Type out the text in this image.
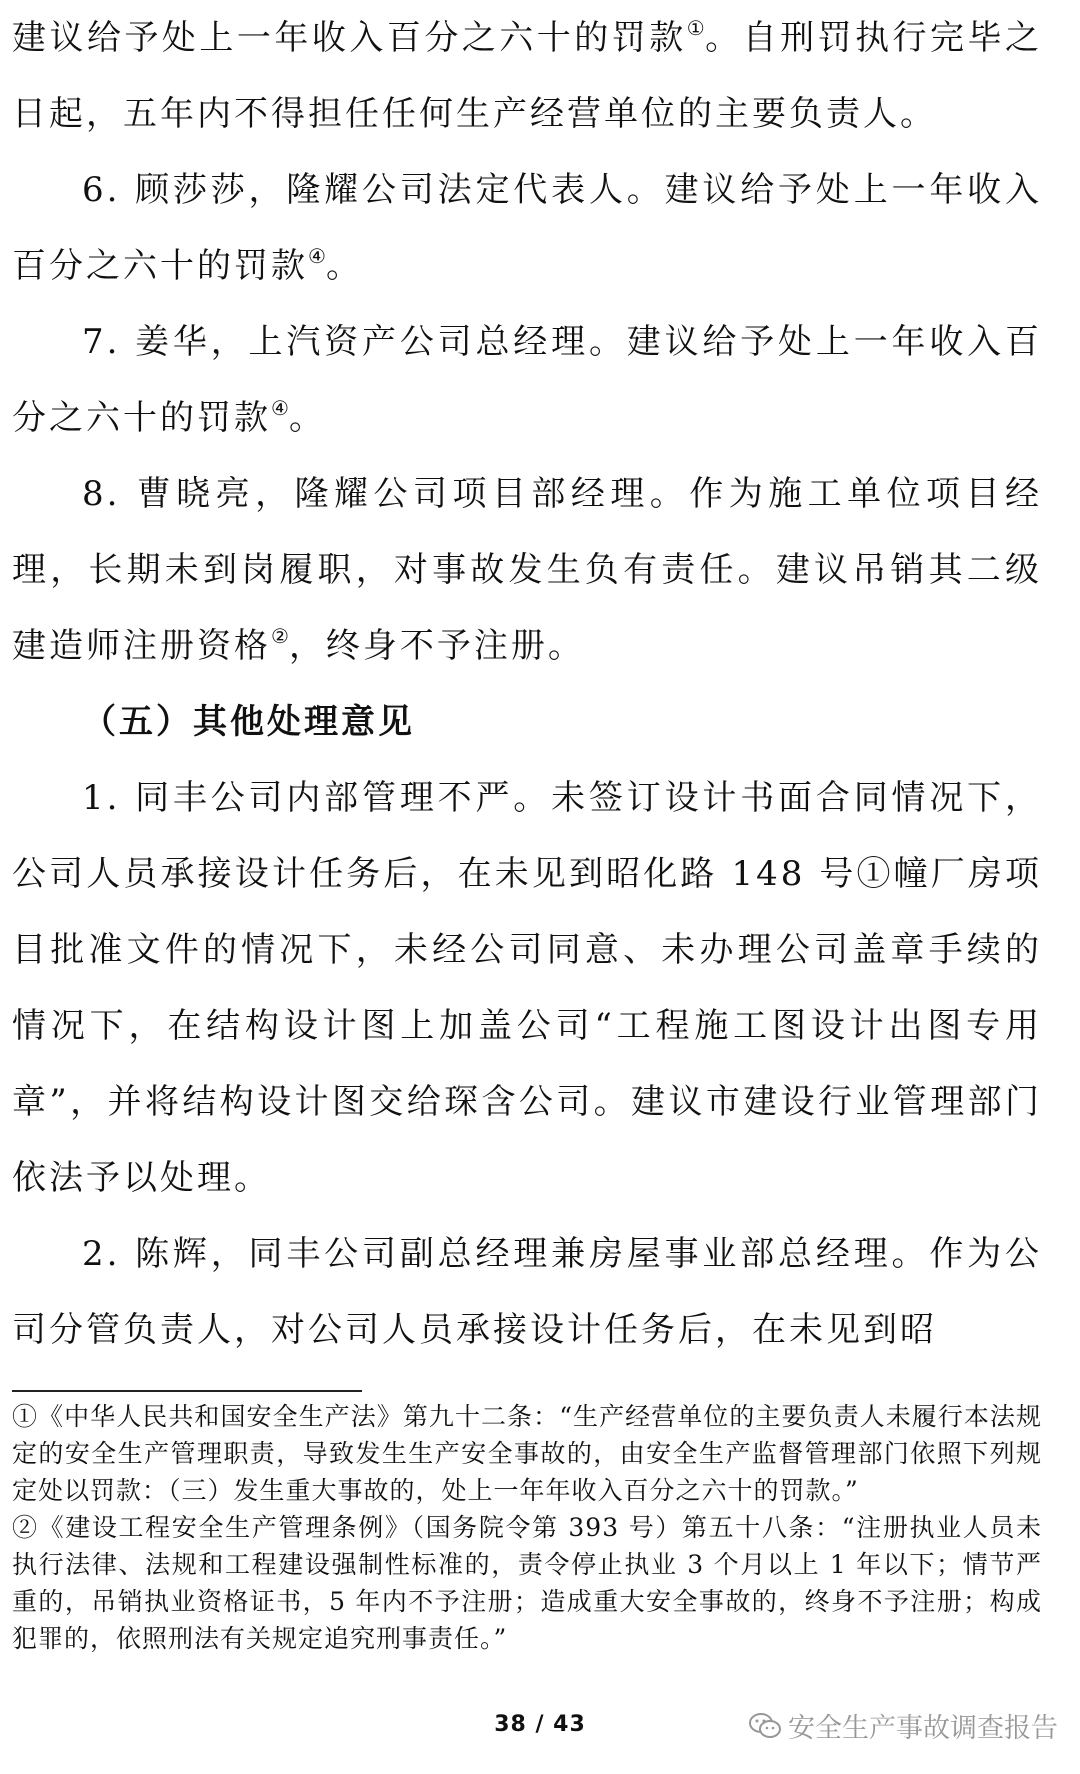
建议给予处上一年收入百分之六十的罚款①。自刑罚执行完毕之日起，五年内不得担任任何生产经营单位的主要负责人。

6. 顾莎莎，隆耀公司法定代表人。建议给予处上一年收入百分之六十的罚款④。

7. 姜华，上汽资产公司总经理。建议给予处上一年收入百分之六十的罚款④。

8. 曹晓亮，隆耀公司项目部经理。作为施工单位项目经理，长期未到岗履职，对事故发生负有责任。建议吊销其二级建造师注册资格②，终身不予注册。

（五）其他处理意见

1. 同丰公司内部管理不严。未签订设计书面合同情况下，公司人员承接设计任务后，在未见到昭化路 148 号①幢厂房项目批准文件的情况下，未经公司同意、未办理公司盖章手续的情况下，在结构设计图上加盖公司“工程施工图设计出图专用章”，并将结构设计图交给琛含公司。建议市建设行业管理部门依法予以处理。

2. 陈辉，同丰公司副总经理兼房屋事业部总经理。作为公司分管负责人，对公司人员承接设计任务后，在未见到昭

①《中华人民共和国安全生产法》第九十二条：“生产经营单位的主要负责人未履行本法规定的安全生产管理职责，导致发生生产安全事故的，由安全生产监督管理部门依照下列规定处以罚款：（三）发生重大事故的，处上一年年收入百分之六十的罚款。”

②《建设工程安全生产管理条例》（国务院令第 393 号）第五十八条：“注册执业人员未执行法律、法规和工程建设强制性标准的，责令停止执业 3 个月以上 1 年以下；情节严重的，吊销执业资格证书，5 年内不予注册；造成重大安全事故的，终身不予注册；构成犯罪的，依照刑法有关规定追究刑事责任。”

38 / 43	安全生产事故调查报告
